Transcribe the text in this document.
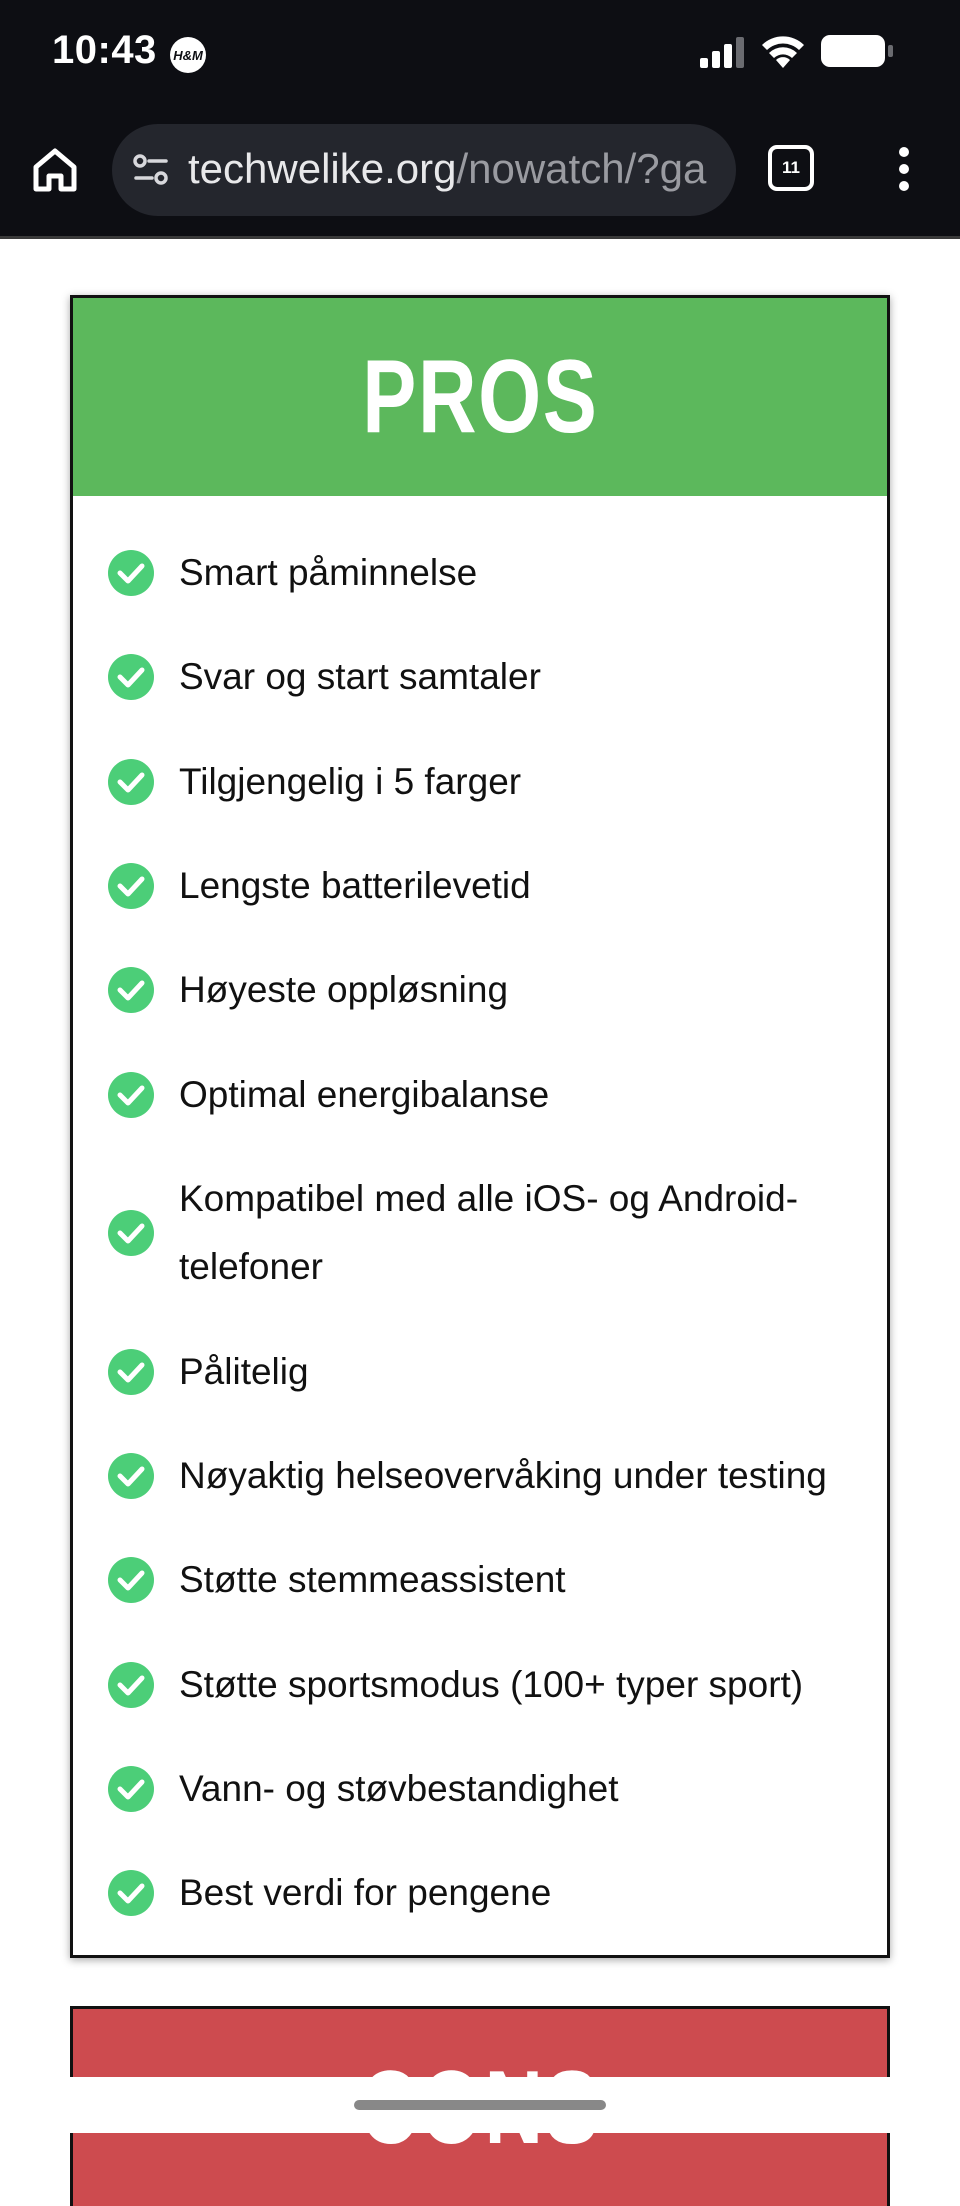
10:43 H&M
techwelike.org/nowatch/?ga	11
PROS
Smart påminnelse
Svar og start samtaler
Tilgjengelig i 5 farger
Lengste batterilevetid
Høyeste oppløsning
Optimal energibalanse
Kompatibel med alle iOS- og Android-telefoner
Pålitelig
Nøyaktig helseovervåking under testing
Støtte stemmeassistent
Støtte sportsmodus (100+ typer sport)
Vann- og støvbestandighet
Best verdi for pengene
